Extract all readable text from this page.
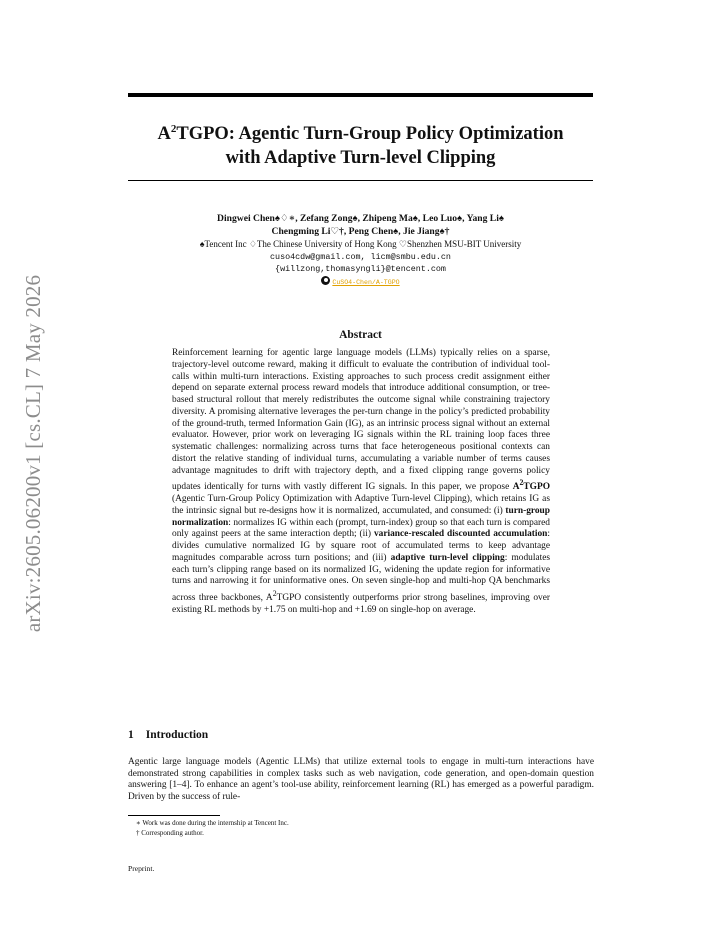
arXiv:2605.06200v1 [cs.CL] 7 May 2026
$A^2TGPO$: Agentic Turn-Group Policy Optimization
with Adaptive Turn-level Clipping
Dingwei Chen♠♢∗, Zefang Zong♠, Zhipeng Ma♠, Leo Luo♠, Yang Li♠
Chengming Li♡†, Peng Chen♠, Jie Jiang♠†
♠Tencent Inc ♢The Chinese University of Hong Kong ♡Shenzhen MSU-BIT University
cuso4cdw@gmail.com, licm@smbu.edu.cn
{willzong,thomasyngli}@tencent.com
CuSO4-Chen/A-TGPO
Abstract
Reinforcement learning for agentic large language models (LLMs) typically relies on a sparse, trajectory-level outcome reward, making it difficult to evaluate the contribution of individual tool-calls within multi-turn interactions. Existing approaches to such process credit assignment either depend on separate external process reward models that introduce additional consumption, or tree-based structural rollout that merely redistributes the outcome signal while constraining trajectory diversity. A promising alternative leverages the per-turn change in the policy’s predicted probability of the ground-truth, termed Information Gain (IG), as an intrinsic process signal without an external evaluator. However, prior work on leveraging IG signals within the RL training loop faces three systematic challenges: normalizing across turns that face heterogeneous positional contexts can distort the relative standing of individual turns, accumulating a variable number of terms causes advantage magnitudes to drift with trajectory depth, and a fixed clipping range governs policy updates identically for turns with vastly different IG signals. In this paper, we propose $A^2TGPO$ (Agentic Turn-Group Policy Optimization with Adaptive Turn-level Clipping), which retains IG as the intrinsic signal but re-designs how it is normalized, accumulated, and consumed: (i) turn-group normalization: normalizes IG within each (prompt, turn-index) group so that each turn is compared only against peers at the same interaction depth; (ii) variance-rescaled discounted accumulation: divides cumulative normalized IG by square root of accumulated terms to keep advantage magnitudes comparable across turn positions; and (iii) adaptive turn-level clipping: modulates each turn’s clipping range based on its normalized IG, widening the update region for informative turns and narrowing it for uninformative ones. On seven single-hop and multi-hop QA benchmarks across three backbones, $A^2TGPO$ consistently outperforms prior strong baselines, improving over existing RL methods by +1.75 on multi-hop and +1.69 on single-hop on average.
1 Introduction
Agentic large language models (Agentic LLMs) that utilize external tools to engage in multi-turn interactions have demonstrated strong capabilities in complex tasks such as web navigation, code generation, and open-domain question answering [1–4]. To enhance an agent’s tool-use ability, reinforcement learning (RL) has emerged as a powerful paradigm. Driven by the success of rule-
∗ Work was done during the internship at Tencent Inc.
† Corresponding author.
Preprint.
